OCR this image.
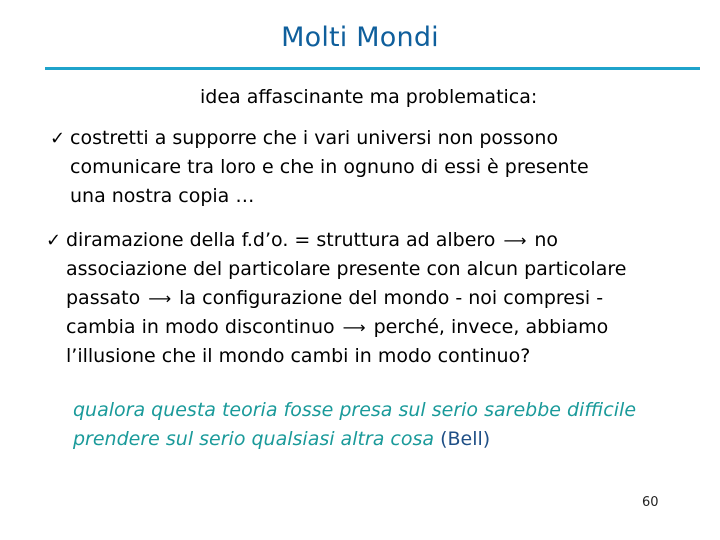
Molti Mondi
idea affascinante ma problematica:
✓ costretti a supporre che i vari universi non possono
comunicare tra loro e che in ognuno di essi è presente
una nostra copia …
✓ diramazione della f.d’o. = struttura ad albero ⟶ no
associazione del particolare presente con alcun particolare
passato ⟶ la configurazione del mondo - noi compresi -
cambia in modo discontinuo ⟶ perché, invece, abbiamo
l’illusione che il mondo cambi in modo continuo?
qualora questa teoria fosse presa sul serio sarebbe difficile
prendere sul serio qualsiasi altra cosa (Bell)
60
